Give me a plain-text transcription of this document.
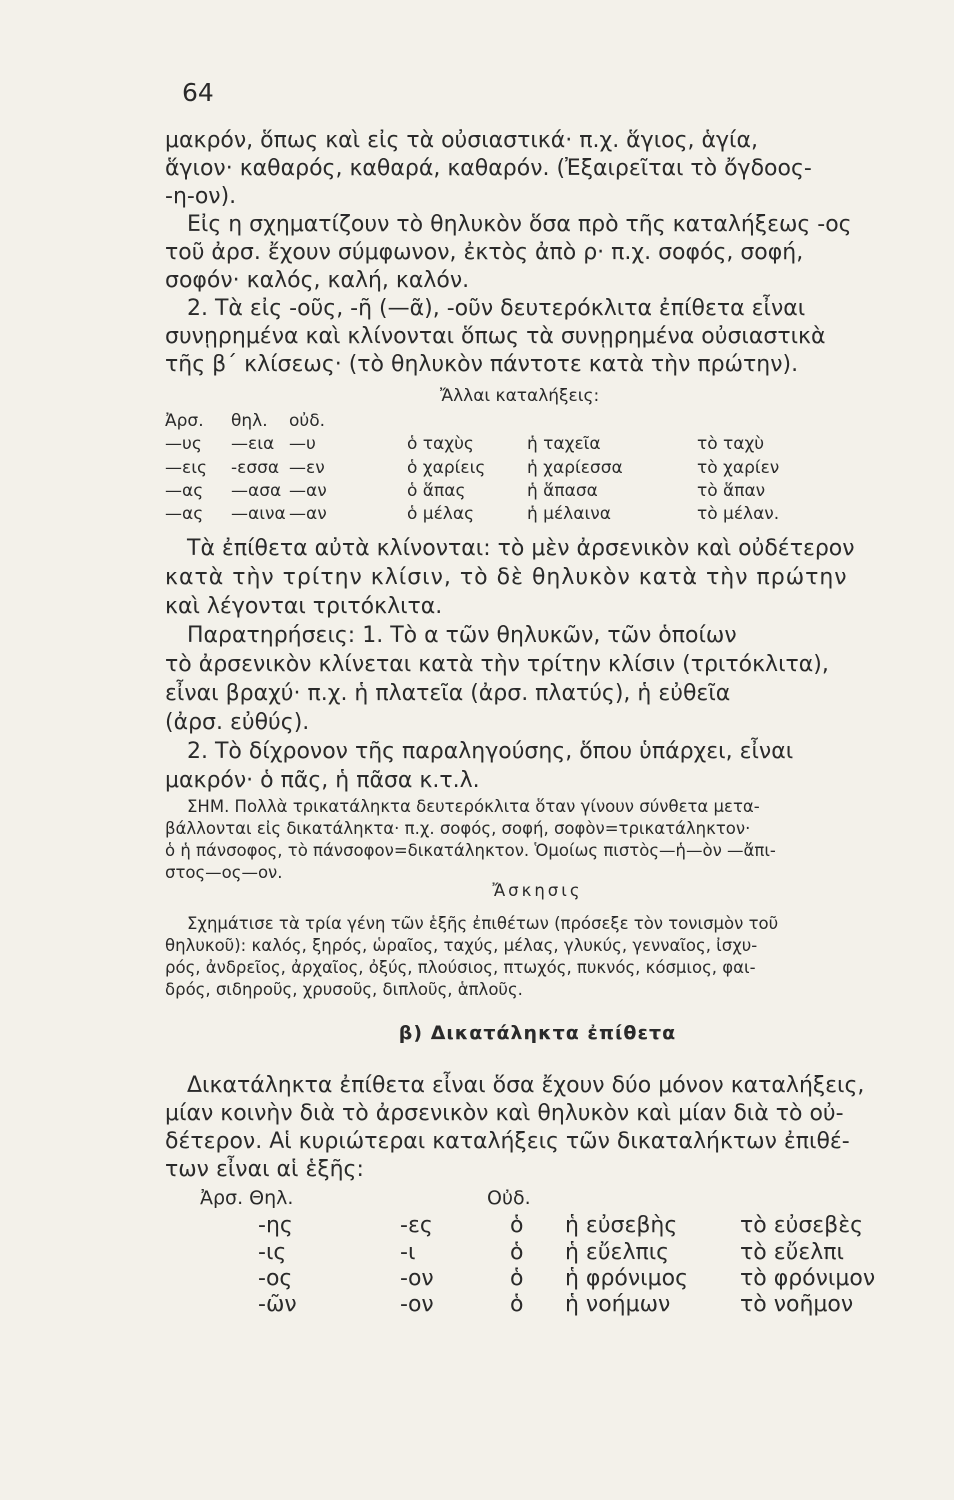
64
μακρόν, ὅπως καὶ εἰς τὰ οὐσιαστικά· π.χ. ἅγιος, ἁγία,
ἅγιον· καθαρός, καθαρά, καθαρόν. (Ἐξαιρεῖται τὸ ὄγδοος-
-η-ον).
Εἰς η σχηματίζουν τὸ θηλυκὸν ὅσα πρὸ τῆς καταλήξεως -ος
τοῦ ἀρσ. ἔχουν σύμφωνον, ἐκτὸς ἀπὸ ρ· π.χ. σοφός, σοφή,
σοφόν· καλός, καλή, καλόν.
2. Τὰ εἰς -οῦς, -ῆ (—ᾶ), -οῦν δευτερόκλιτα ἐπίθετα εἶναι
συνῃρημένα καὶ κλίνονται ὅπως τὰ συνῃρημένα οὐσιαστικὰ
τῆς β΄ κλίσεως· (τὸ θηλυκὸν πάντοτε κατὰ τὴν πρώτην).
Ἄλλαι καταλήξεις:
Ἀρσ. θηλ. οὐδ.
—υς —εια —υ	ὁ ταχὺς	ἡ ταχεῖα	τὸ ταχὺ
—εις -εσσα —εν	ὁ χαρίεις ἡ χαρίεσσα	τὸ χαρίεν
—ας —ασα —αν	ὁ ἅπας	ἡ ἅπασα	τὸ ἅπαν
—ας —αινα —αν	ὁ μέλας	ἡ μέλαινα	τὸ μέλαν.
Τὰ ἐπίθετα αὐτὰ κλίνονται: τὸ μὲν ἀρσενικὸν καὶ οὐδέτερον
κατὰ τὴν τρίτην κλίσιν, τὸ δὲ θηλυκὸν κατὰ τὴν πρώτην
καὶ λέγονται τριτόκλιτα.
Παρατηρήσεις: 1. Τὸ α τῶν θηλυκῶν, τῶν ὁποίων
τὸ ἀρσενικὸν κλίνεται κατὰ τὴν τρίτην κλίσιν (τριτόκλιτα),
εἶναι βραχύ· π.χ. ἡ πλατεῖα (ἀρσ. πλατύς), ἡ εὐθεῖα
(ἀρσ. εὐθύς).
2. Τὸ δίχρονον τῆς παραληγούσης, ὅπου ὑπάρχει, εἶναι
μακρόν· ὁ πᾶς, ἡ πᾶσα κ.τ.λ.
ΣΗΜ. Πολλὰ τρικατάληκτα δευτερόκλιτα ὅταν γίνουν σύνθετα μετα-
βάλλονται εἰς δικατάληκτα· π.χ. σοφός, σοφή, σοφὸν=τρικατάληκτον·
ὁ ἡ πάνσοφος, τὸ πάνσοφον=δικατάληκτον. Ὁμοίως πιστὸς—ἡ—ὸν —ἄπι-
στος—ος—ον.
Ἄσκησις
Σχημάτισε τὰ τρία γένη τῶν ἑξῆς ἐπιθέτων (πρόσεξε τὸν τονισμὸν τοῦ
θηλυκοῦ): καλός, ξηρός, ὡραῖος, ταχύς, μέλας, γλυκύς, γενναῖος, ἰσχυ-
ρός, ἀνδρεῖος, ἀρχαῖος, ὀξύς, πλούσιος, πτωχός, πυκνός, κόσμιος, φαι-
δρός, σιδηροῦς, χρυσοῦς, διπλοῦς, ἁπλοῦς.
β) Δικατάληκτα ἐπίθετα
Δικατάληκτα ἐπίθετα εἶναι ὅσα ἔχουν δύο μόνον καταλήξεις,
μίαν κοινὴν διὰ τὸ ἀρσενικὸν καὶ θηλυκὸν καὶ μίαν διὰ τὸ οὐ-
δέτερον. Αἱ κυριώτεραι καταλήξεις τῶν δικαταλήκτων ἐπιθέ-
των εἶναι αἱ ἑξῆς:
Ἀρσ. Θηλ.	Οὐδ.
-ης	-ες	ὁ ἡ εὐσεβὴς	τὸ εὐσεβὲς
-ις	-ι	ὁ ἡ εὔελπις	τὸ εὔελπι
-ος	-ον	ὁ ἡ φρόνιμος τὸ φρόνιμον
-ῶν	-ον	ὁ ἡ νοήμων	τὸ νοῆμον
